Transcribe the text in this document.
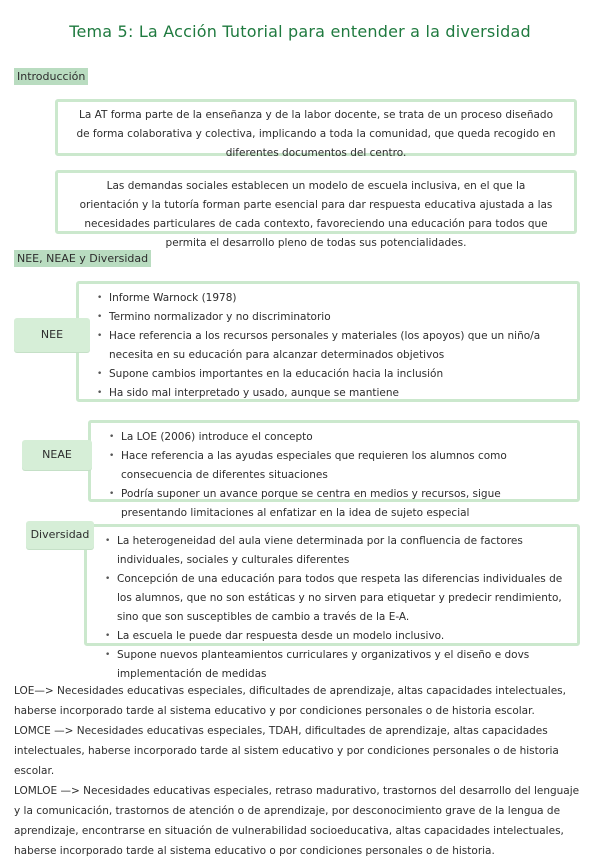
Tema 5: La Acción Tutorial para entender a la diversidad
Introducción
La AT forma parte de la enseñanza y de la labor docente, se trata de un proceso diseñado de forma colaborativa y colectiva, implicando a toda la comunidad, que queda recogido en diferentes documentos del centro.
Las demandas sociales establecen un modelo de escuela inclusiva, en el que la orientación y la tutoría forman parte esencial para dar respuesta educativa ajustada a las necesidades particulares de cada contexto, favoreciendo una educación para todos que permita el desarrollo pleno de todas sus potencialidades.
NEE, NEAE y Diversidad
• Informe Warnock (1978)
• Termino normalizador y no discriminatorio
• Hace referencia a los recursos personales y materiales (los apoyos) que un niño/a necesita en su educación para alcanzar determinados objetivos
• Supone cambios importantes en la educación hacia la inclusión
• Ha sido mal interpretado y usado, aunque se mantiene
NEE
• La LOE (2006) introduce el concepto
• Hace referencia a las ayudas especiales que requieren los alumnos como consecuencia de diferentes situaciones
• Podría suponer un avance porque se centra en medios y recursos, sigue presentando limitaciones al enfatizar en la idea de sujeto especial
NEAE
• La heterogeneidad del aula viene determinada por la confluencia de factores individuales, sociales y culturales diferentes
• Concepción de una educación para todos que respeta las diferencias individuales de los alumnos, que no son estáticas y no sirven para etiquetar y predecir rendimiento, sino que son susceptibles de cambio a través de la E-A.
• La escuela le puede dar respuesta desde un modelo inclusivo.
• Supone nuevos planteamientos curriculares y organizativos y el diseño e dovs implementación de medidas
Diversidad

LOE—> Necesidades educativas especiales, dificultades de aprendizaje, altas capacidades intelectuales, haberse incorporado tarde al sistema educativo y por condiciones personales o de historia escolar.

LOMCE —> Necesidades educativas especiales, TDAH, dificultades de aprendizaje, altas capacidades intelectuales, haberse incorporado tarde al sistem educativo y por condiciones personales o de historia escolar.

LOMLOE —> Necesidades educativas especiales, retraso madurativo, trastornos del desarrollo del lenguaje y la comunicación, trastornos de atención o de aprendizaje, por desconocimiento grave de la lengua de aprendizaje, encontrarse en situación de vulnerabilidad socioeducativa, altas capacidades intelectuales, haberse incorporado tarde al sistema educativo o por condiciones personales o de historia.
